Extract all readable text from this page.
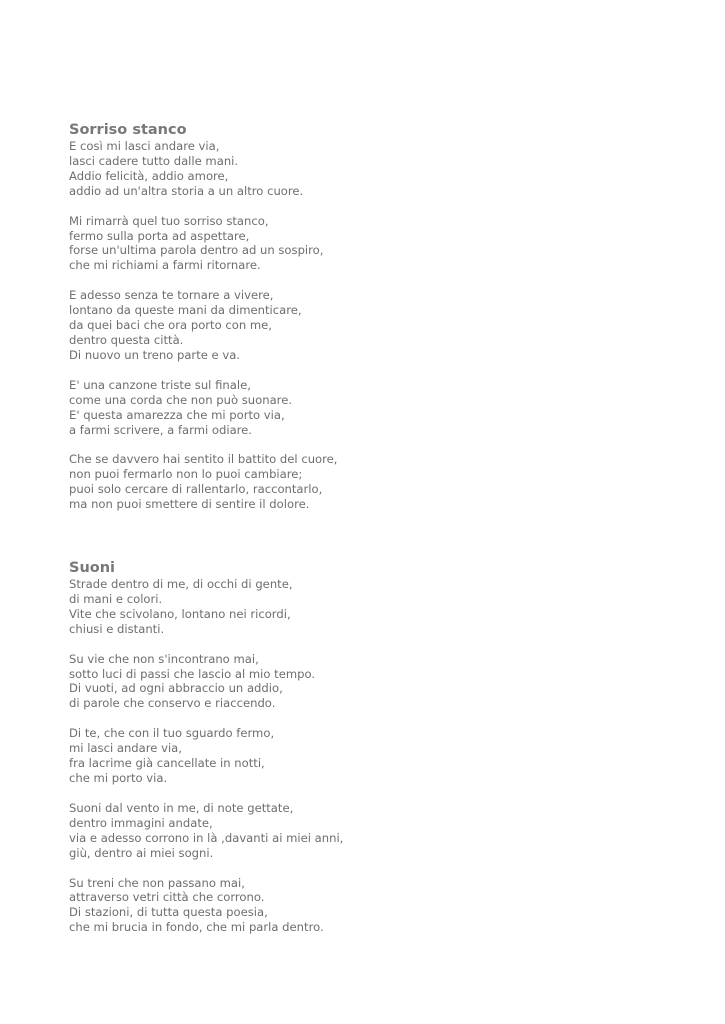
Sorriso stanco
E così mi lasci andare via,
lasci cadere tutto dalle mani.
Addio felicità, addio amore,
addio ad un'altra storia a un altro cuore.
Mi rimarrà quel tuo sorriso stanco,
fermo sulla porta ad aspettare,
forse un'ultima parola dentro ad un sospiro,
che mi richiami a farmi ritornare.
E adesso senza te tornare a vivere,
lontano da queste mani da dimenticare,
da quei baci che ora porto con me,
dentro questa città.
Di nuovo un treno parte e va.
E' una canzone triste sul finale,
come una corda che non può suonare.
E' questa amarezza che mi porto via,
a farmi scrivere, a farmi odiare.
Che se davvero hai sentito il battito del cuore,
non puoi fermarlo non lo puoi cambiare;
puoi solo cercare di rallentarlo, raccontarlo,
ma non puoi smettere di sentire il dolore.
Suoni
Strade dentro di me, di occhi di gente,
di mani e colori.
Vite che scivolano, lontano nei ricordi,
chiusi e distanti.
Su vie che non s'incontrano mai,
sotto luci di passi che lascio al mio tempo.
Di vuoti, ad ogni abbraccio un addio,
di parole che conservo e riaccendo.
Di te, che con il tuo sguardo fermo,
mi lasci andare via,
fra lacrime già cancellate in notti,
che mi porto via.
Suoni dal vento in me, di note gettate,
dentro immagini andate,
via e adesso corrono in là ,davanti ai miei anni,
giù, dentro ai miei sogni.
Su treni che non passano mai,
attraverso vetri città che corrono.
Di stazioni, di tutta questa poesia,
che mi brucia in fondo, che mi parla dentro.
